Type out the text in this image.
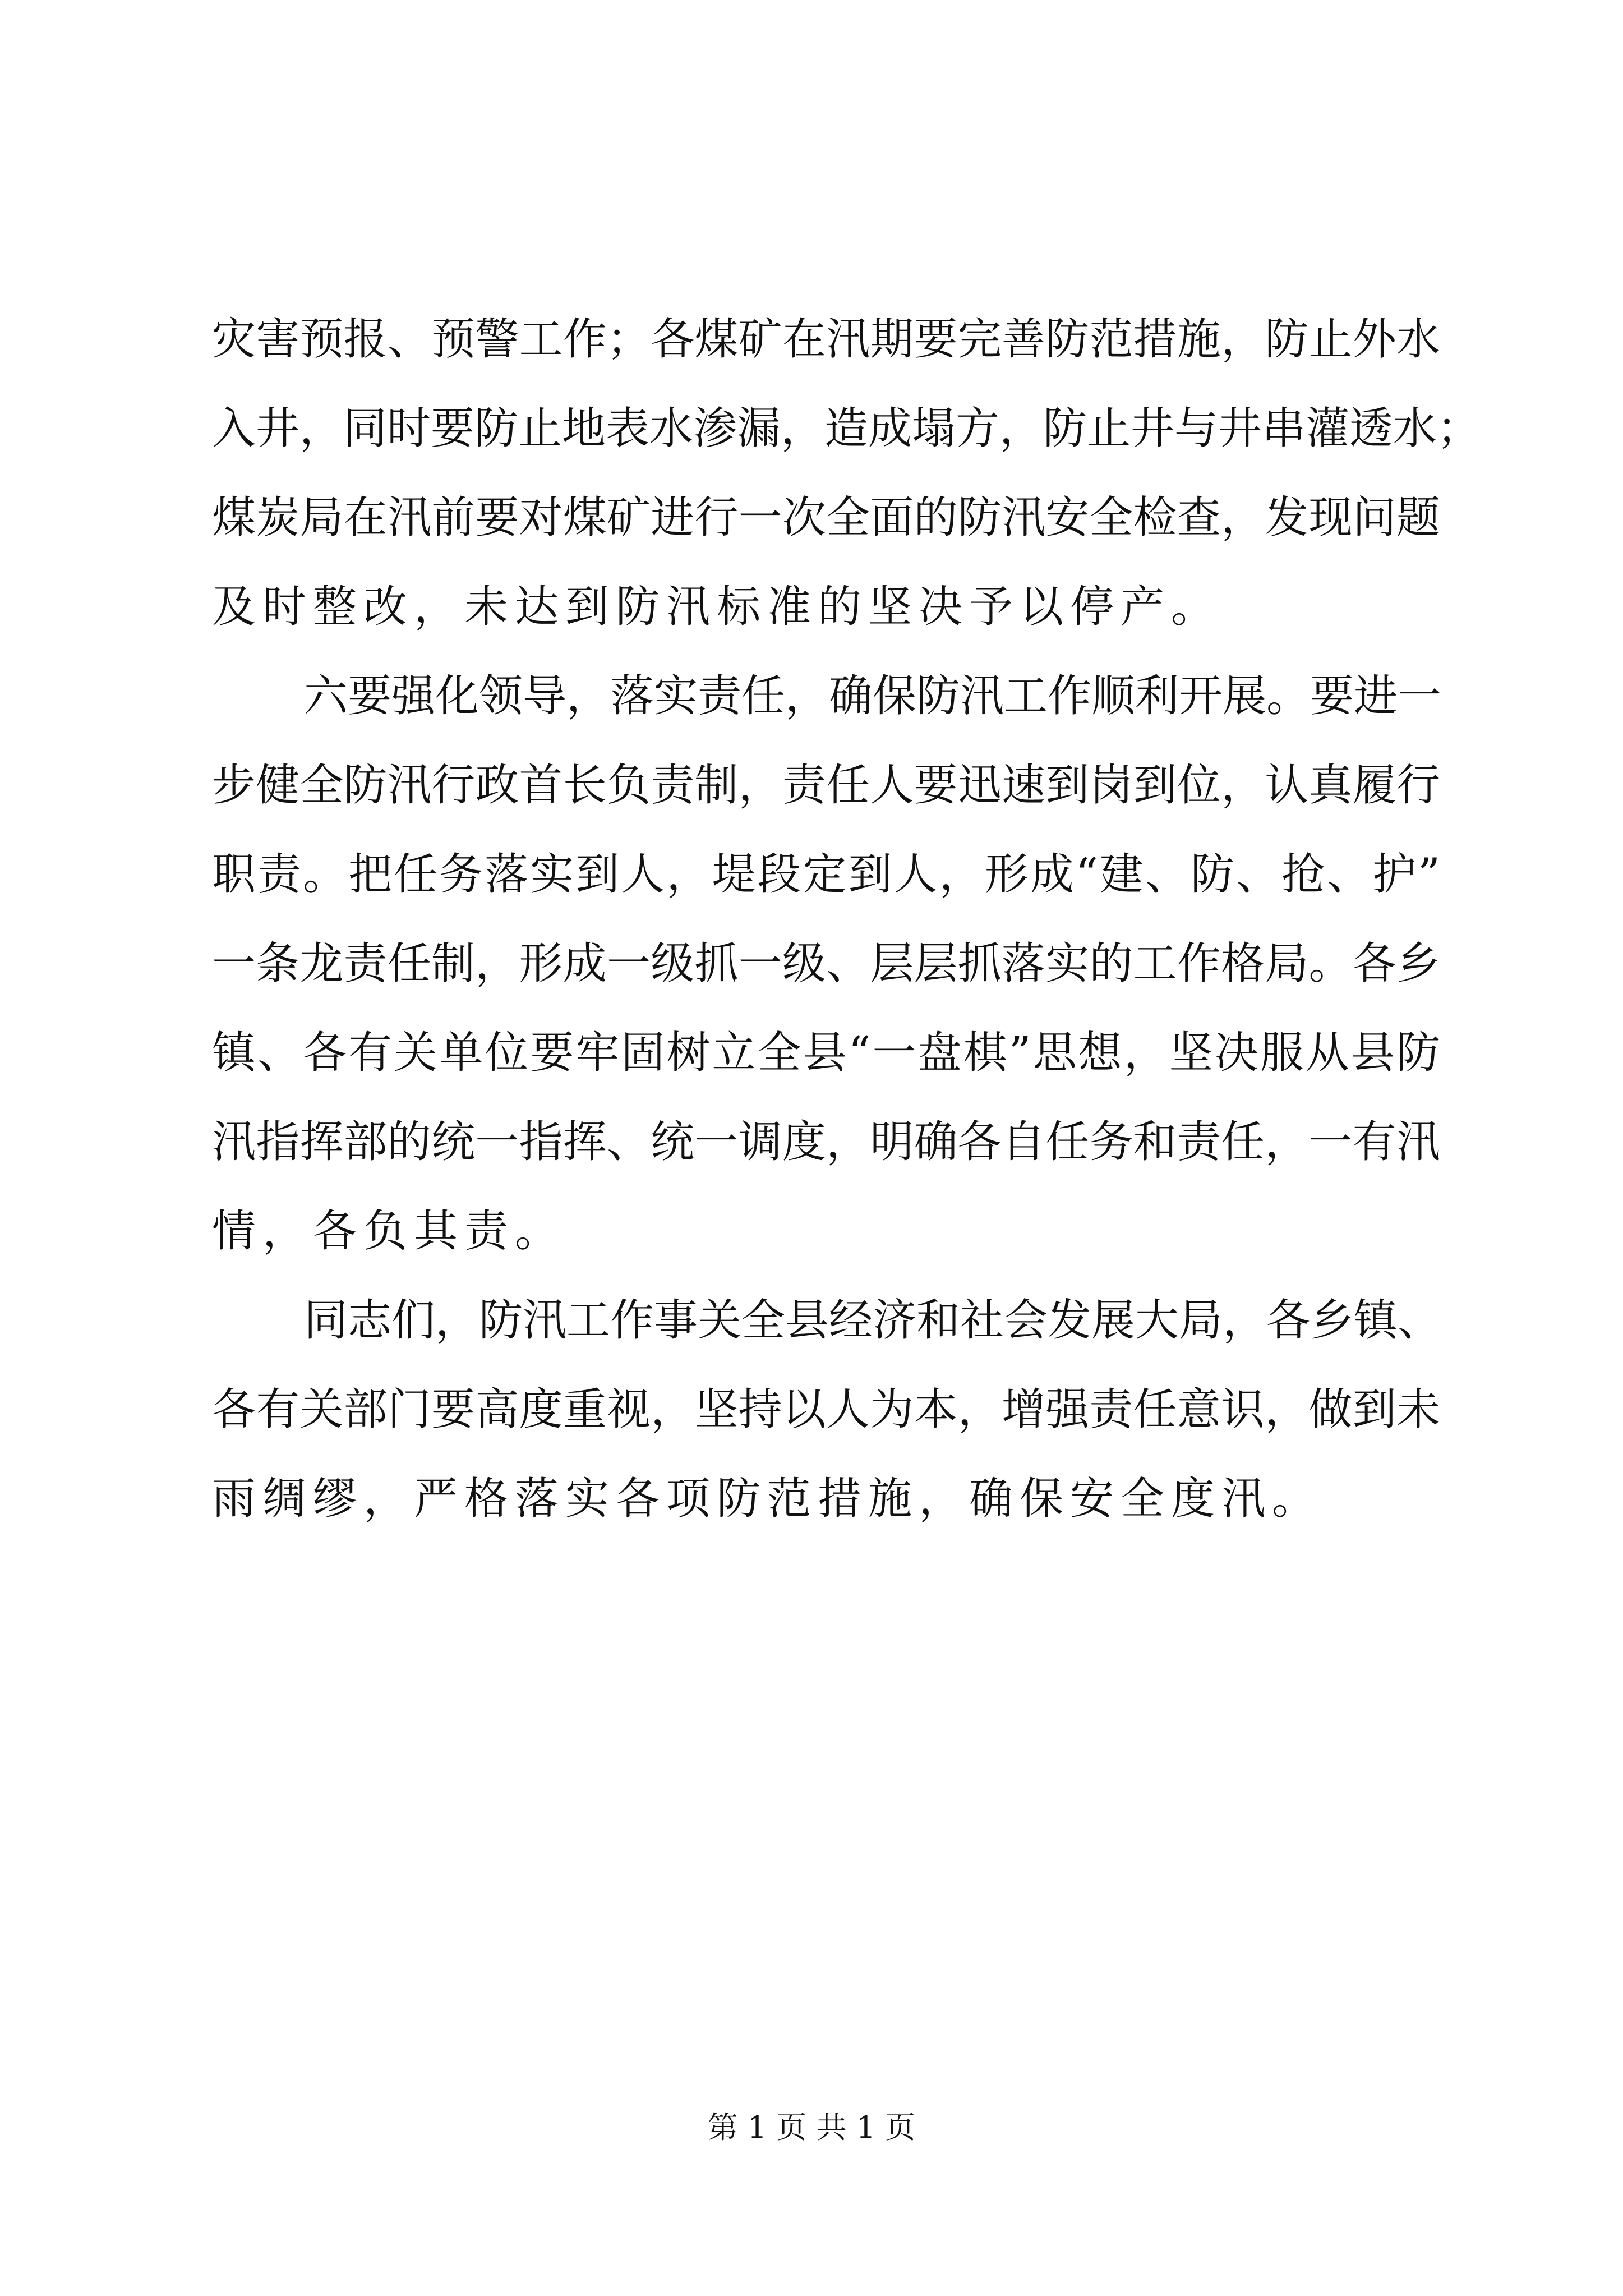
灾害预报、预警工作；各煤矿在汛期要完善防范措施，防止外水
入井，同时要防止地表水渗漏，造成塌方，防止井与井串灌透水；
煤炭局在汛前要对煤矿进行一次全面的防汛安全检查，发现问题
及时整改，未达到防汛标准的坚决予以停产。
六要强化领导，落实责任，确保防汛工作顺利开展。要进一
步健全防汛行政首长负责制，责任人要迅速到岗到位，认真履行
职责。把任务落实到人，堤段定到人，形成“建、防、抢、护”
一条龙责任制，形成一级抓一级、层层抓落实的工作格局。各乡
镇、各有关单位要牢固树立全县“一盘棋”思想，坚决服从县防
汛指挥部的统一指挥、统一调度，明确各自任务和责任，一有汛
情，各负其责。
同志们，防汛工作事关全县经济和社会发展大局，各乡镇、
各有关部门要高度重视，坚持以人为本，增强责任意识，做到未
雨绸缪，严格落实各项防范措施，确保安全度汛。
第 1 页 共 1 页
